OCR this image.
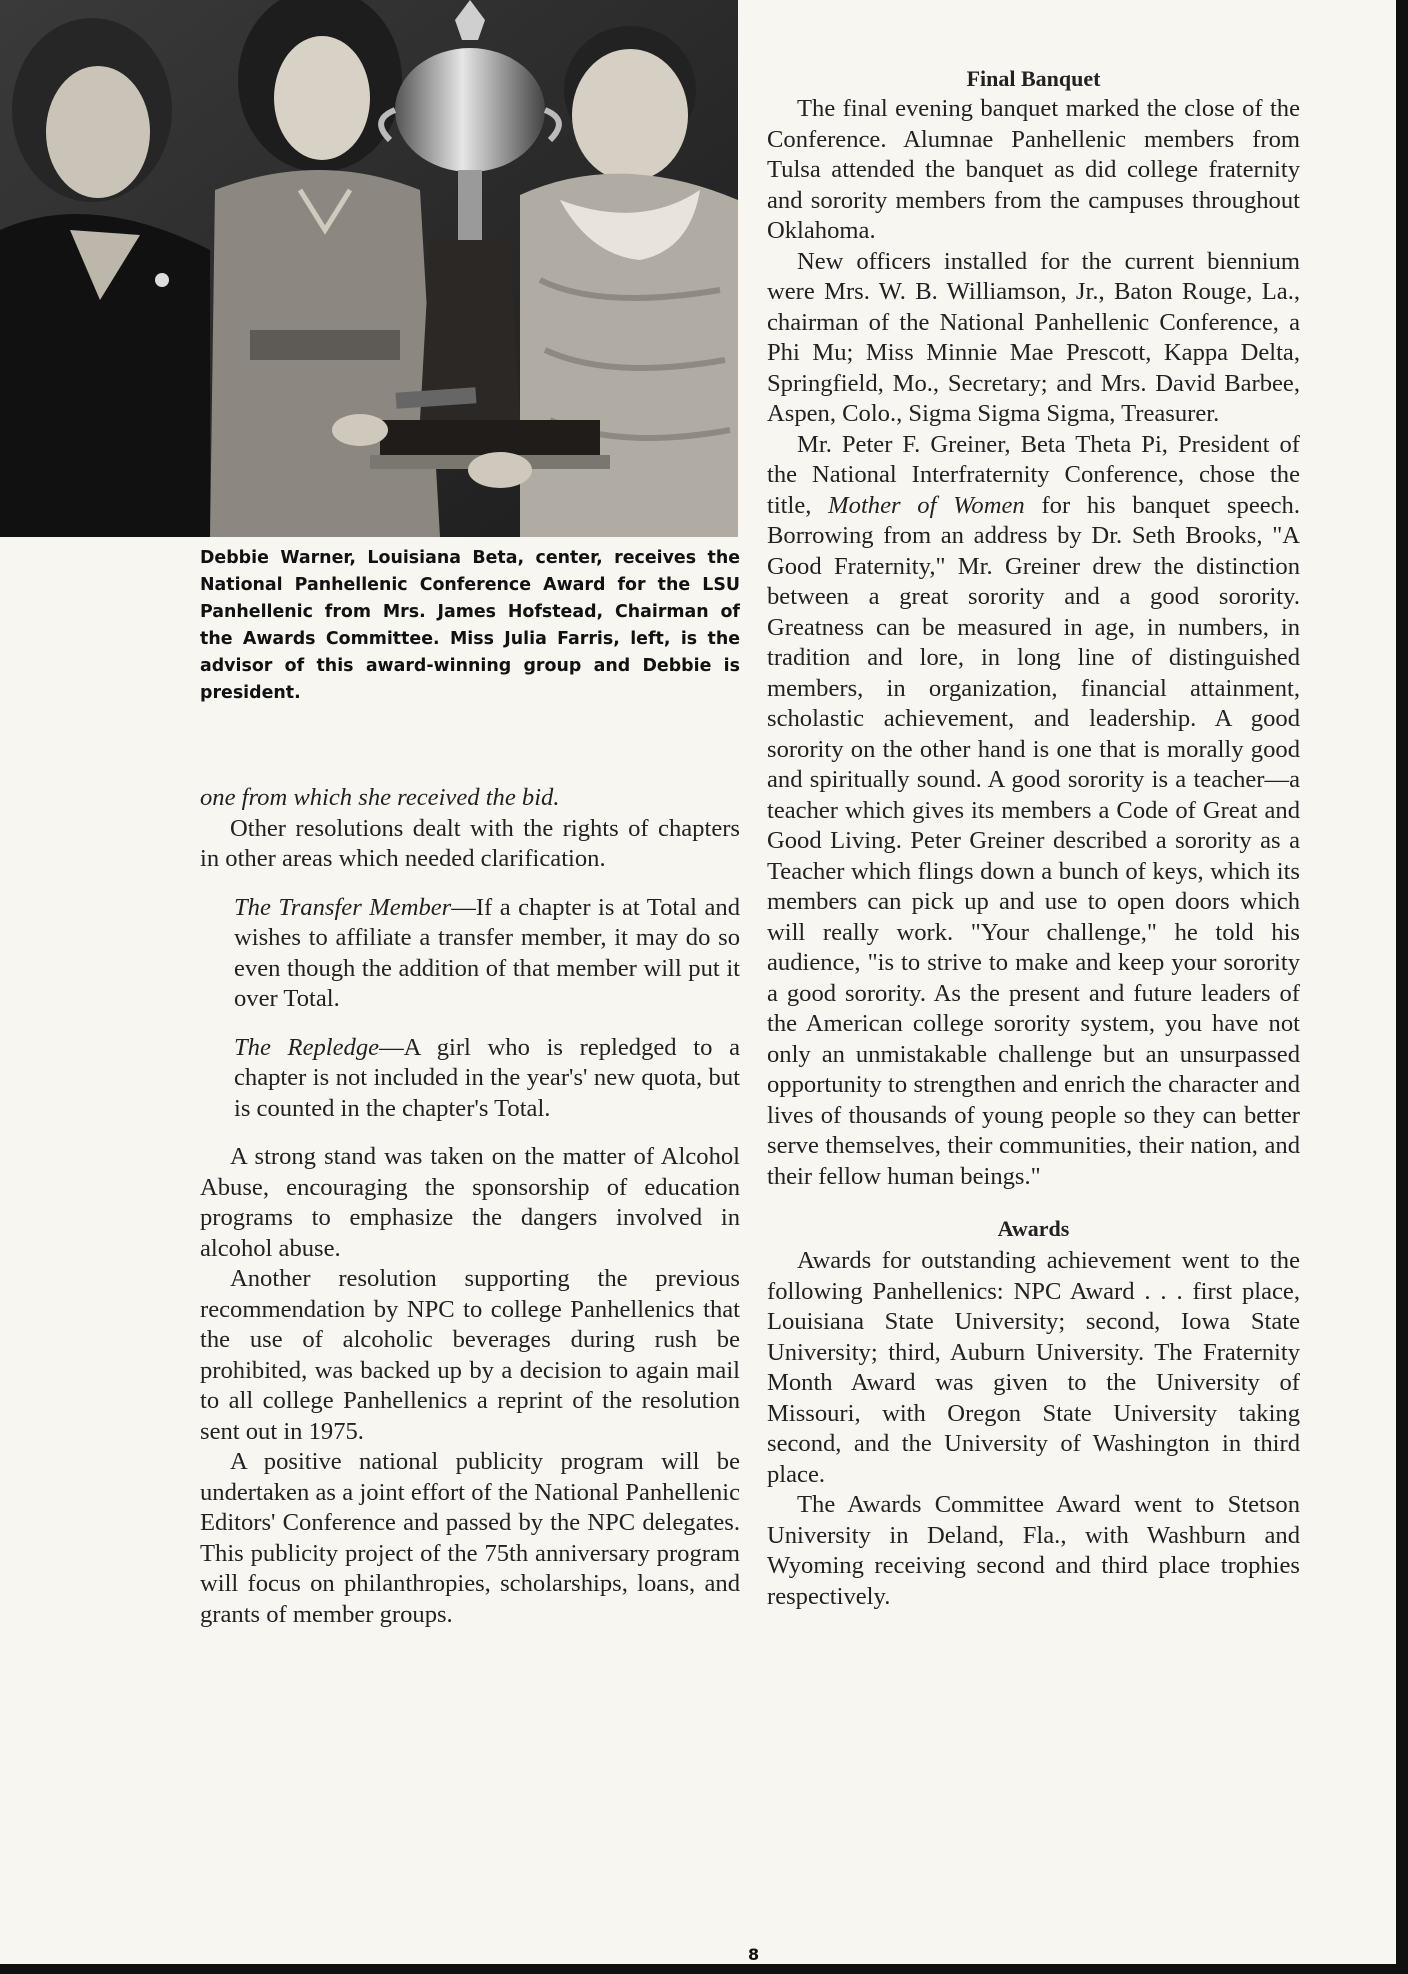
Debbie Warner, Louisiana Beta, center, receives the National Panhellenic Conference Award for the LSU Panhellenic from Mrs. James Hofstead, Chairman of the Awards Committee. Miss Julia Farris, left, is the advisor of this award-winning group and Debbie is president.

one from which she received the bid.

Other resolutions dealt with the rights of chapters in other areas which needed clarification.

The Transfer Member—If a chapter is at Total and wishes to affiliate a transfer member, it may do so even though the addition of that member will put it over Total.

The Repledge—A girl who is repledged to a chapter is not included in the year's' new quota, but is counted in the chapter's Total.

A strong stand was taken on the matter of Alcohol Abuse, encouraging the sponsorship of education programs to emphasize the dangers involved in alcohol abuse.

Another resolution supporting the previous recommendation by NPC to college Panhellenics that the use of alcoholic beverages during rush be prohibited, was backed up by a decision to again mail to all college Panhellenics a reprint of the resolution sent out in 1975.

A positive national publicity program will be undertaken as a joint effort of the National Panhellenic Editors' Conference and passed by the NPC delegates. This publicity project of the 75th anniversary program will focus on philanthropies, scholarships, loans, and grants of member groups.

Final Banquet

The final evening banquet marked the close of the Conference. Alumnae Panhellenic members from Tulsa attended the banquet as did college fraternity and sorority members from the campuses throughout Oklahoma.

New officers installed for the current biennium were Mrs. W. B. Williamson, Jr., Baton Rouge, La., chairman of the National Panhellenic Conference, a Phi Mu; Miss Minnie Mae Prescott, Kappa Delta, Springfield, Mo., Secretary; and Mrs. David Barbee, Aspen, Colo., Sigma Sigma Sigma, Treasurer.

Mr. Peter F. Greiner, Beta Theta Pi, President of the National Interfraternity Conference, chose the title, Mother of Women for his banquet speech. Borrowing from an address by Dr. Seth Brooks, "A Good Fraternity," Mr. Greiner drew the distinction between a great sorority and a good sorority. Greatness can be measured in age, in numbers, in tradition and lore, in long line of distinguished members, in organization, financial attainment, scholastic achievement, and leadership. A good sorority on the other hand is one that is morally good and spiritually sound. A good sorority is a teacher—a teacher which gives its members a Code of Great and Good Living. Peter Greiner described a sorority as a Teacher which flings down a bunch of keys, which its members can pick up and use to open doors which will really work. "Your challenge," he told his audience, "is to strive to make and keep your sorority a good sorority. As the present and future leaders of the American college sorority system, you have not only an unmistakable challenge but an unsurpassed opportunity to strengthen and enrich the character and lives of thousands of young people so they can better serve themselves, their communities, their nation, and their fellow human beings."

Awards

Awards for outstanding achievement went to the following Panhellenics: NPC Award . . . first place, Louisiana State University; second, Iowa State University; third, Auburn University. The Fraternity Month Award was given to the University of Missouri, with Oregon State University taking second, and the University of Washington in third place.

The Awards Committee Award went to Stetson University in Deland, Fla., with Washburn and Wyoming receiving second and third place trophies respectively.

8
